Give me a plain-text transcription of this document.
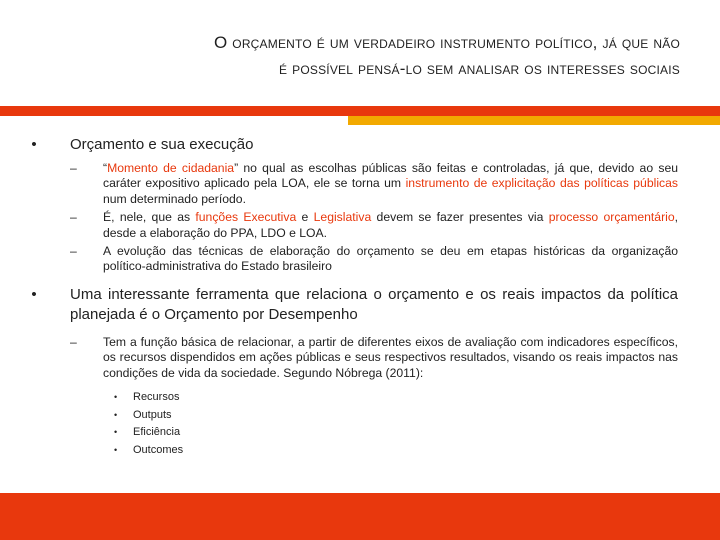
O orçamento é um verdadeiro instrumento político, já que não
é possível pensá-lo sem analisar os interesses sociais
• Orçamento e sua execução
–	“Momento de cidadania” no qual as escolhas públicas são feitas e controladas, já que, devido ao seu caráter expositivo aplicado pela LOA, ele se torna um instrumento de explicitação das políticas públicas num determinado período.
–	É, nele, que as funções Executiva e Legislativa devem se fazer presentes via processo orçamentário, desde a elaboração do PPA, LDO e LOA.
–	A evolução das técnicas de elaboração do orçamento se deu em etapas históricas da organização político-administrativa do Estado brasileiro
• Uma interessante ferramenta que relaciona o orçamento e os reais impactos da política planejada é o Orçamento por Desempenho
–	Tem a função básica de relacionar, a partir de diferentes eixos de avaliação com indicadores específicos, os recursos dispendidos em ações públicas e seus respectivos resultados, visando os reais impactos nas condições de vida da sociedade. Segundo Nóbrega (2011):
• Recursos
• Outputs
• Eficiência
• Outcomes
